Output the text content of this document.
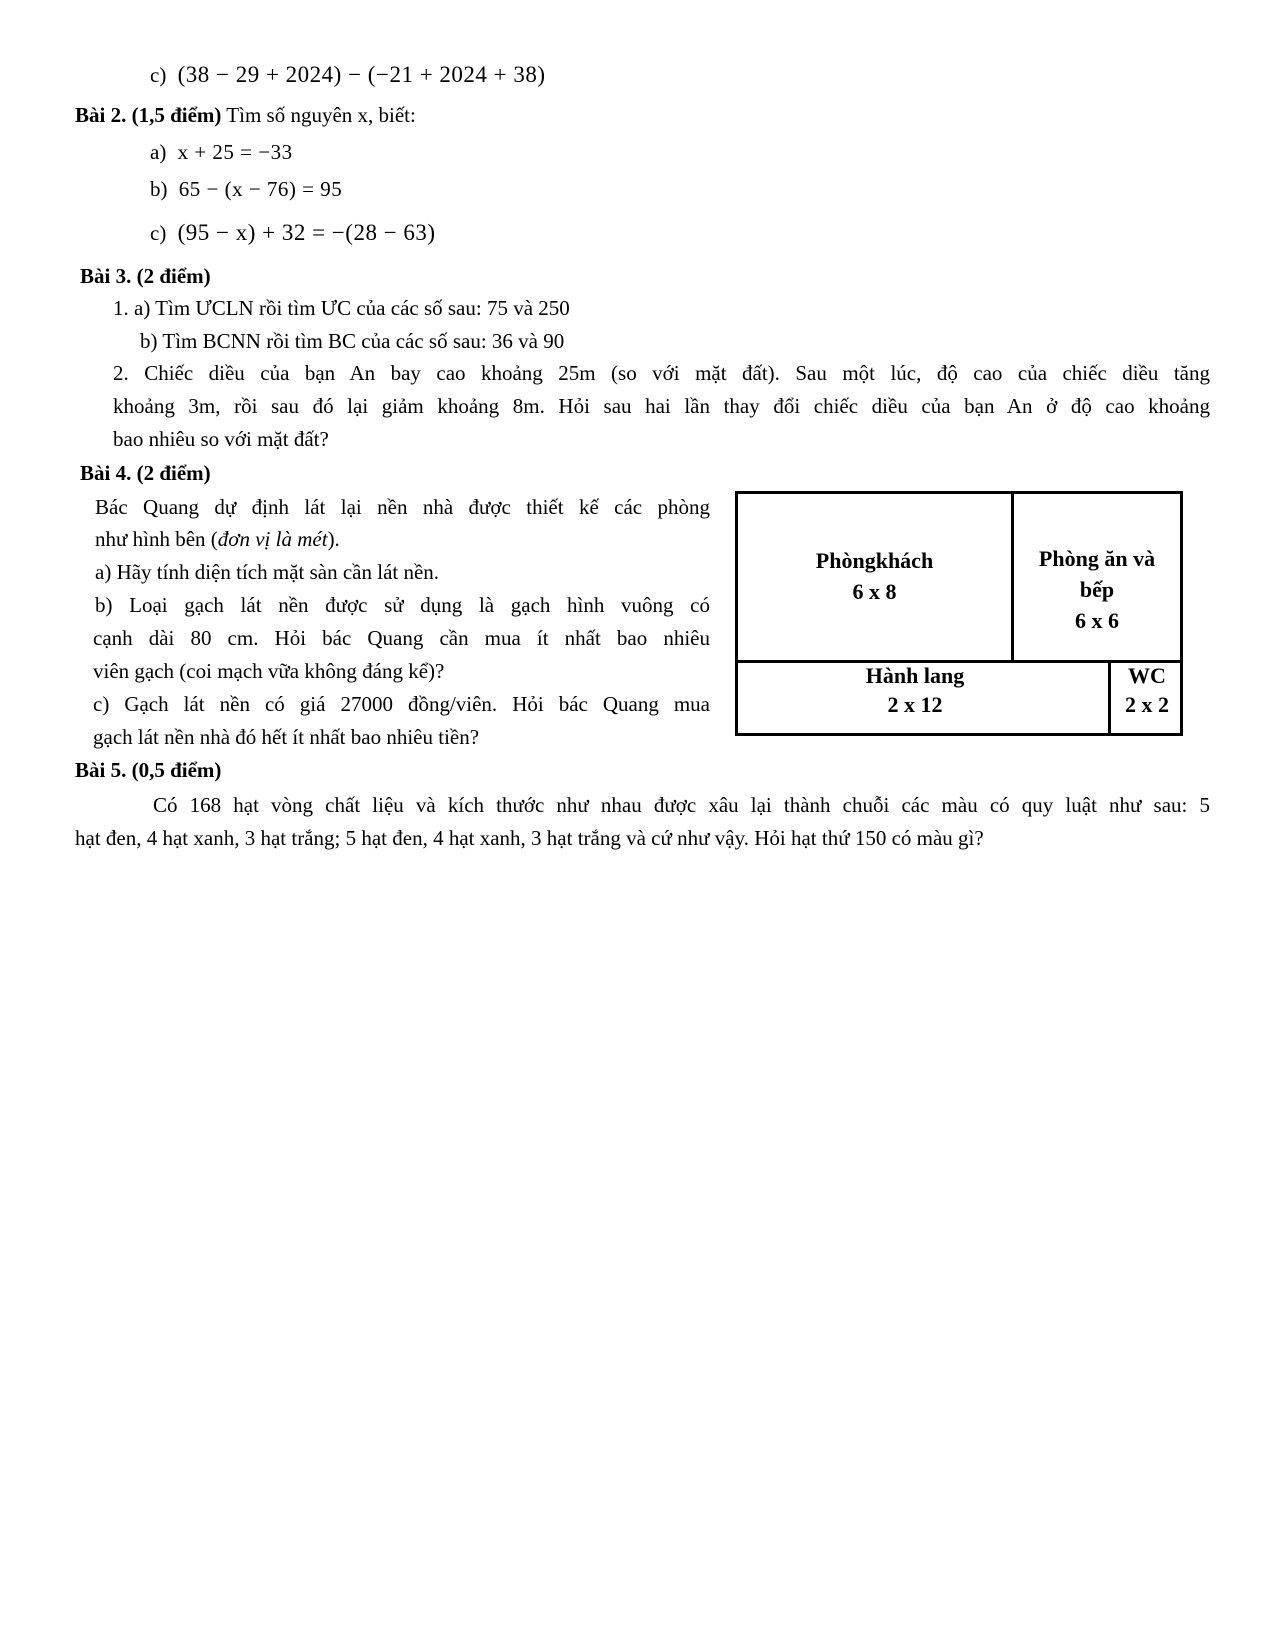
c) (38 − 29 + 2024) − (−21 + 2024 + 38)
Bài 2. (1,5 điểm) Tìm số nguyên x, biết:
a) x + 25 = −33
b) 65 − (x − 76) = 95
c) (95 − x) + 32 = −(28 − 63)
Bài 3. (2 điểm)
1. a) Tìm ƯCLN rồi tìm ƯC của các số sau: 75 và 250
b) Tìm BCNN rồi tìm BC của các số sau: 36 và 90
2. Chiếc diều của bạn An bay cao khoảng 25m (so với mặt đất). Sau một lúc, độ cao của chiếc diều tăng
khoảng 3m, rồi sau đó lại giảm khoảng 8m. Hỏi sau hai lần thay đổi chiếc diều của bạn An ở độ cao khoảng
bao nhiêu so với mặt đất?
Bài 4. (2 điểm)
Bác Quang dự định lát lại nền nhà được thiết kế các phòng
như hình bên (đơn vị là mét).
a) Hãy tính diện tích mặt sàn cần lát nền.
b) Loại gạch lát nền được sử dụng là gạch hình vuông có
cạnh dài 80 cm. Hỏi bác Quang cần mua ít nhất bao nhiêu
viên gạch (coi mạch vữa không đáng kể)?
c) Gạch lát nền có giá 27000 đồng/viên. Hỏi bác Quang mua
gạch lát nền nhà đó hết ít nhất bao nhiêu tiền?
Phòngkhách
6 x 8
Phòng ăn và
bếp
6 x 6
Hành lang
2 x 12
WC
2 x 2
Bài 5. (0,5 điểm)
Có 168 hạt vòng chất liệu và kích thước như nhau được xâu lại thành chuỗi các màu có quy luật như sau: 5
hạt đen, 4 hạt xanh, 3 hạt trắng; 5 hạt đen, 4 hạt xanh, 3 hạt trắng và cứ như vậy. Hỏi hạt thứ 150 có màu gì?
